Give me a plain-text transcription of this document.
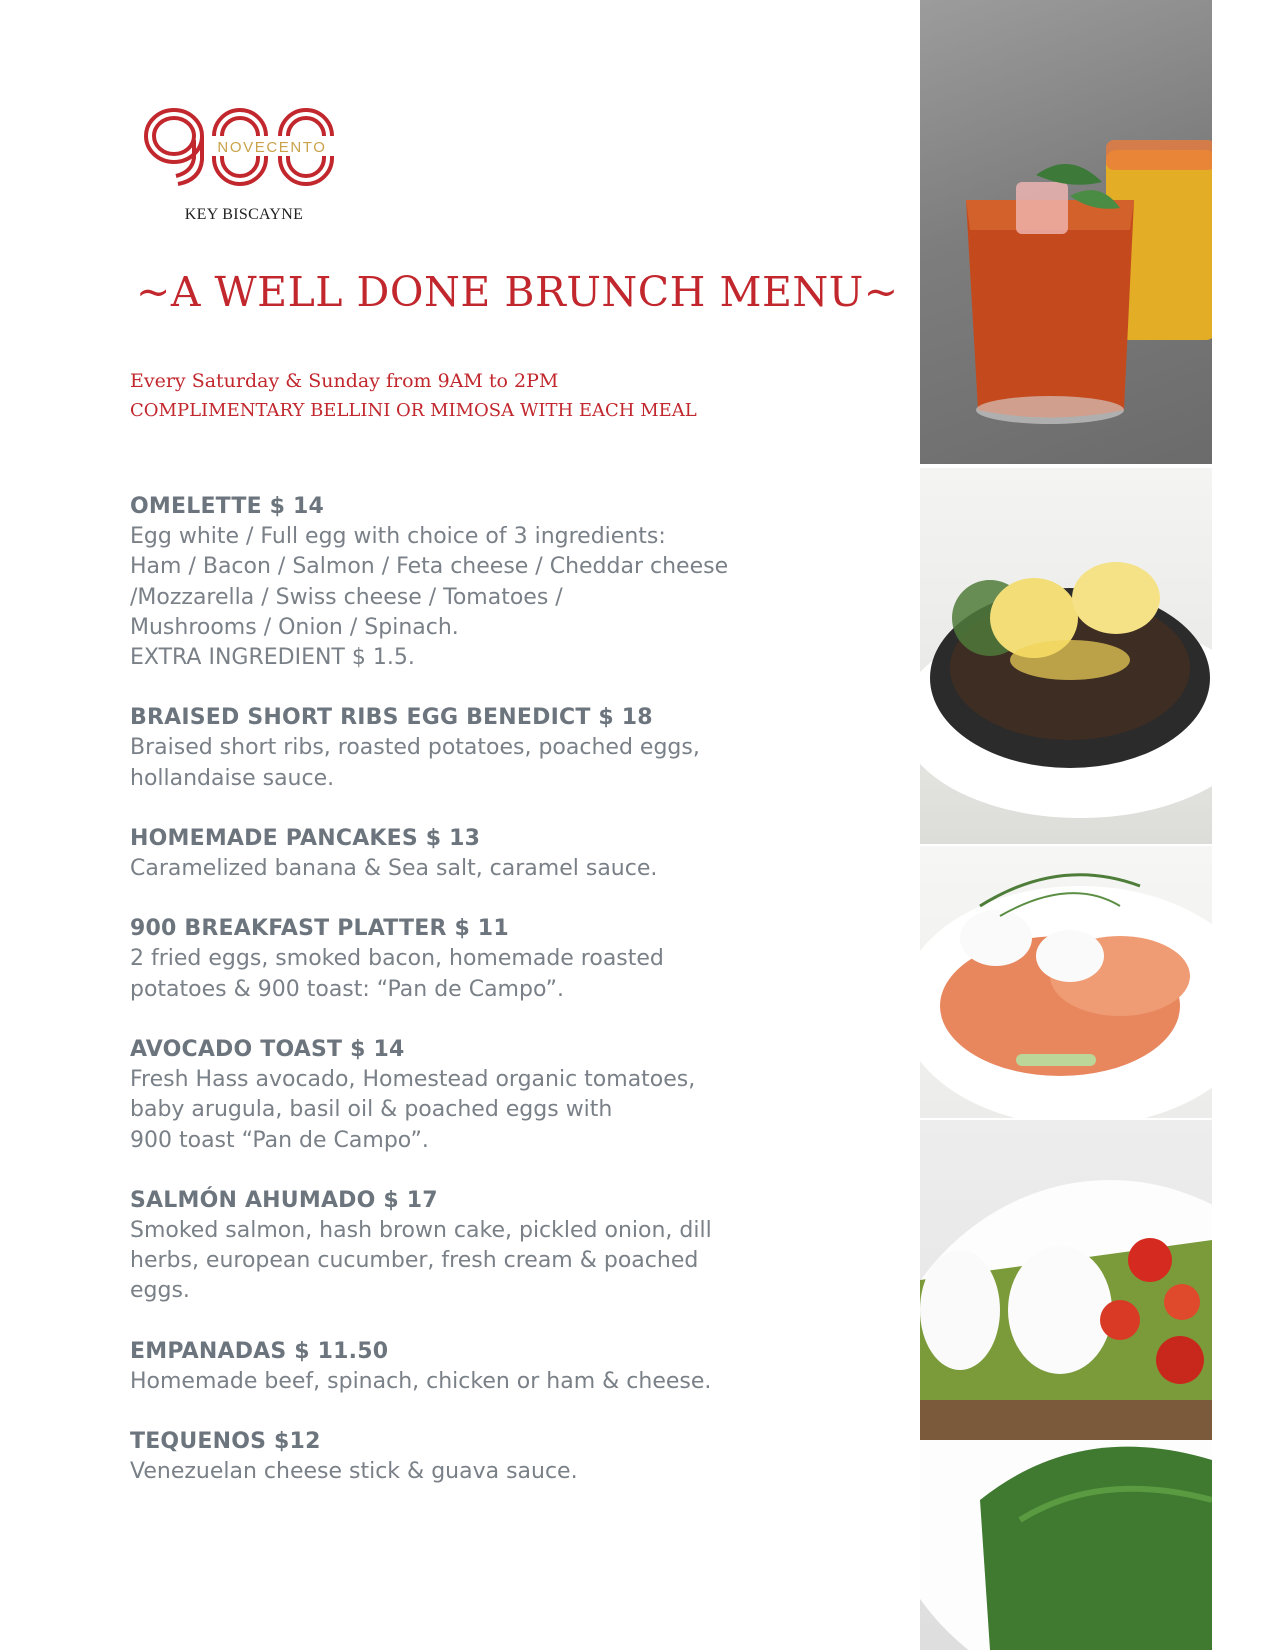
NOVECENTO
KEY BISCAYNE
~A WELL DONE BRUNCH MENU~
Every Saturday & Sunday from 9AM to 2PM
COMPLIMENTARY BELLINI OR MIMOSA WITH EACH MEAL
OMELETTE $ 14
Egg white / Full egg with choice of 3 ingredients:
Ham / Bacon / Salmon / Feta cheese / Cheddar cheese
/Mozzarella / Swiss cheese / Tomatoes /
Mushrooms / Onion / Spinach.
EXTRA INGREDIENT $ 1.5.
BRAISED SHORT RIBS EGG BENEDICT $ 18
Braised short ribs, roasted potatoes, poached eggs,
hollandaise sauce.
HOMEMADE PANCAKES $ 13
Caramelized banana & Sea salt, caramel sauce.
900 BREAKFAST PLATTER $ 11
2 fried eggs, smoked bacon, homemade roasted
potatoes & 900 toast: “Pan de Campo”.
AVOCADO TOAST $ 14
Fresh Hass avocado, Homestead organic tomatoes,
baby arugula, basil oil & poached eggs with
900 toast “Pan de Campo”.
SALMÓN AHUMADO $ 17
Smoked salmon, hash brown cake, pickled onion, dill
herbs, european cucumber, fresh cream & poached
eggs.
EMPANADAS $ 11.50
Homemade beef, spinach, chicken or ham & cheese.
TEQUENOS $12
Venezuelan cheese stick & guava sauce.
